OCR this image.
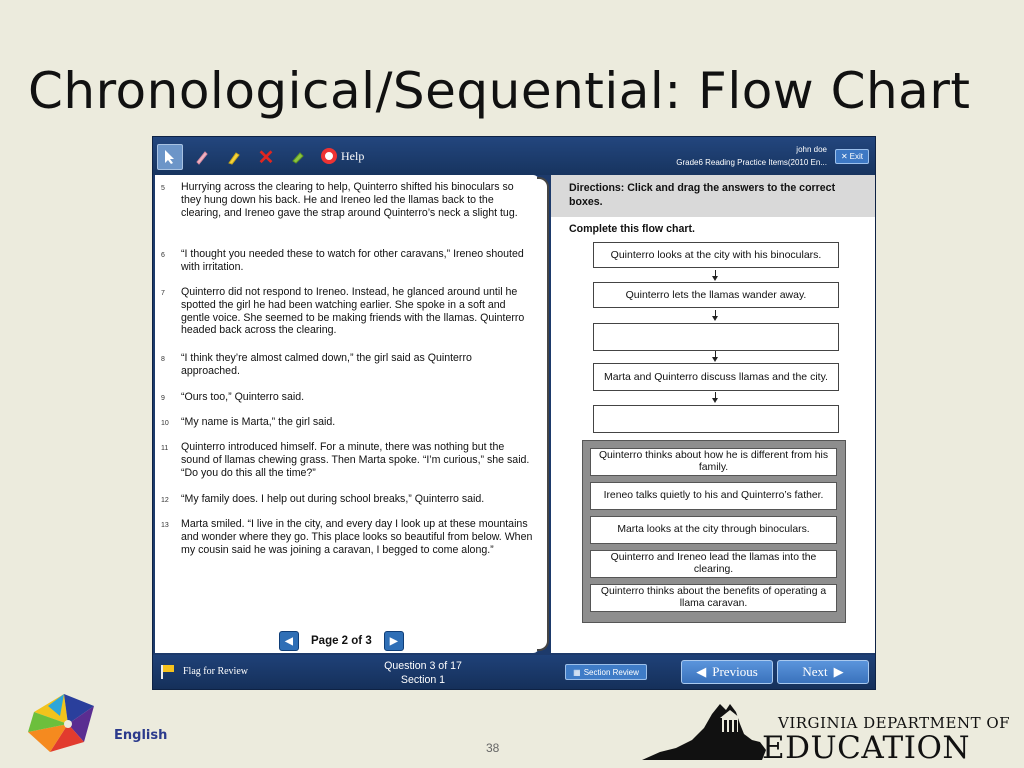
Chronological/Sequential: Flow Chart
✕	Help	john doe
Grade6 Reading Practice Items(2010 En...
✕ Exit
5	Hurrying across the clearing to help, Quinterro shifted his binoculars so they hung down his back. He and Ireneo led the llamas back to the clearing, and Ireneo gave the strap around Quinterro’s neck a slight tug.
6	“I thought you needed these to watch for other caravans,” Ireneo shouted with irritation.
7	Quinterro did not respond to Ireneo. Instead, he glanced around until he spotted the girl he had been watching earlier. She spoke in a soft and gentle voice. She seemed to be making friends with the llamas. Quinterro headed back across the clearing.
8	“I think they’re almost calmed down,” the girl said as Quinterro approached.
9	“Ours too,” Quinterro said.
10	“My name is Marta,” the girl said.
11	Quinterro introduced himself. For a minute, there was nothing but the sound of llamas chewing grass. Then Marta spoke. “I’m curious,” she said. “Do you do this all the time?”
12	“My family does. I help out during school breaks,” Quinterro said.
13	Marta smiled. “I live in the city, and every day I look up at these mountains and wonder where they go. This place looks so beautiful from below. When my cousin said he was joining a caravan, I begged to come along.”
◀ Page 2 of 3 ▶
Directions: Click and drag the answers to the correct boxes.
Complete this flow chart.
Quinterro looks at the city with his binoculars.
Quinterro lets the llamas wander away.
Marta and Quinterro discuss llamas and the city.
Quinterro thinks about how he is different from his family.
Ireneo talks quietly to his and Quinterro’s father.
Marta looks at the city through binoculars.
Quinterro and Ireneo lead the llamas into the clearing.
Quinterro thinks about the benefits of operating a llama caravan.
Flag for Review	Question 3 of 17
Section 1
▦ Section Review	◀ Previous	Next ▶
English
38
VIRGINIA DEPARTMENT OF
EDUCATION
